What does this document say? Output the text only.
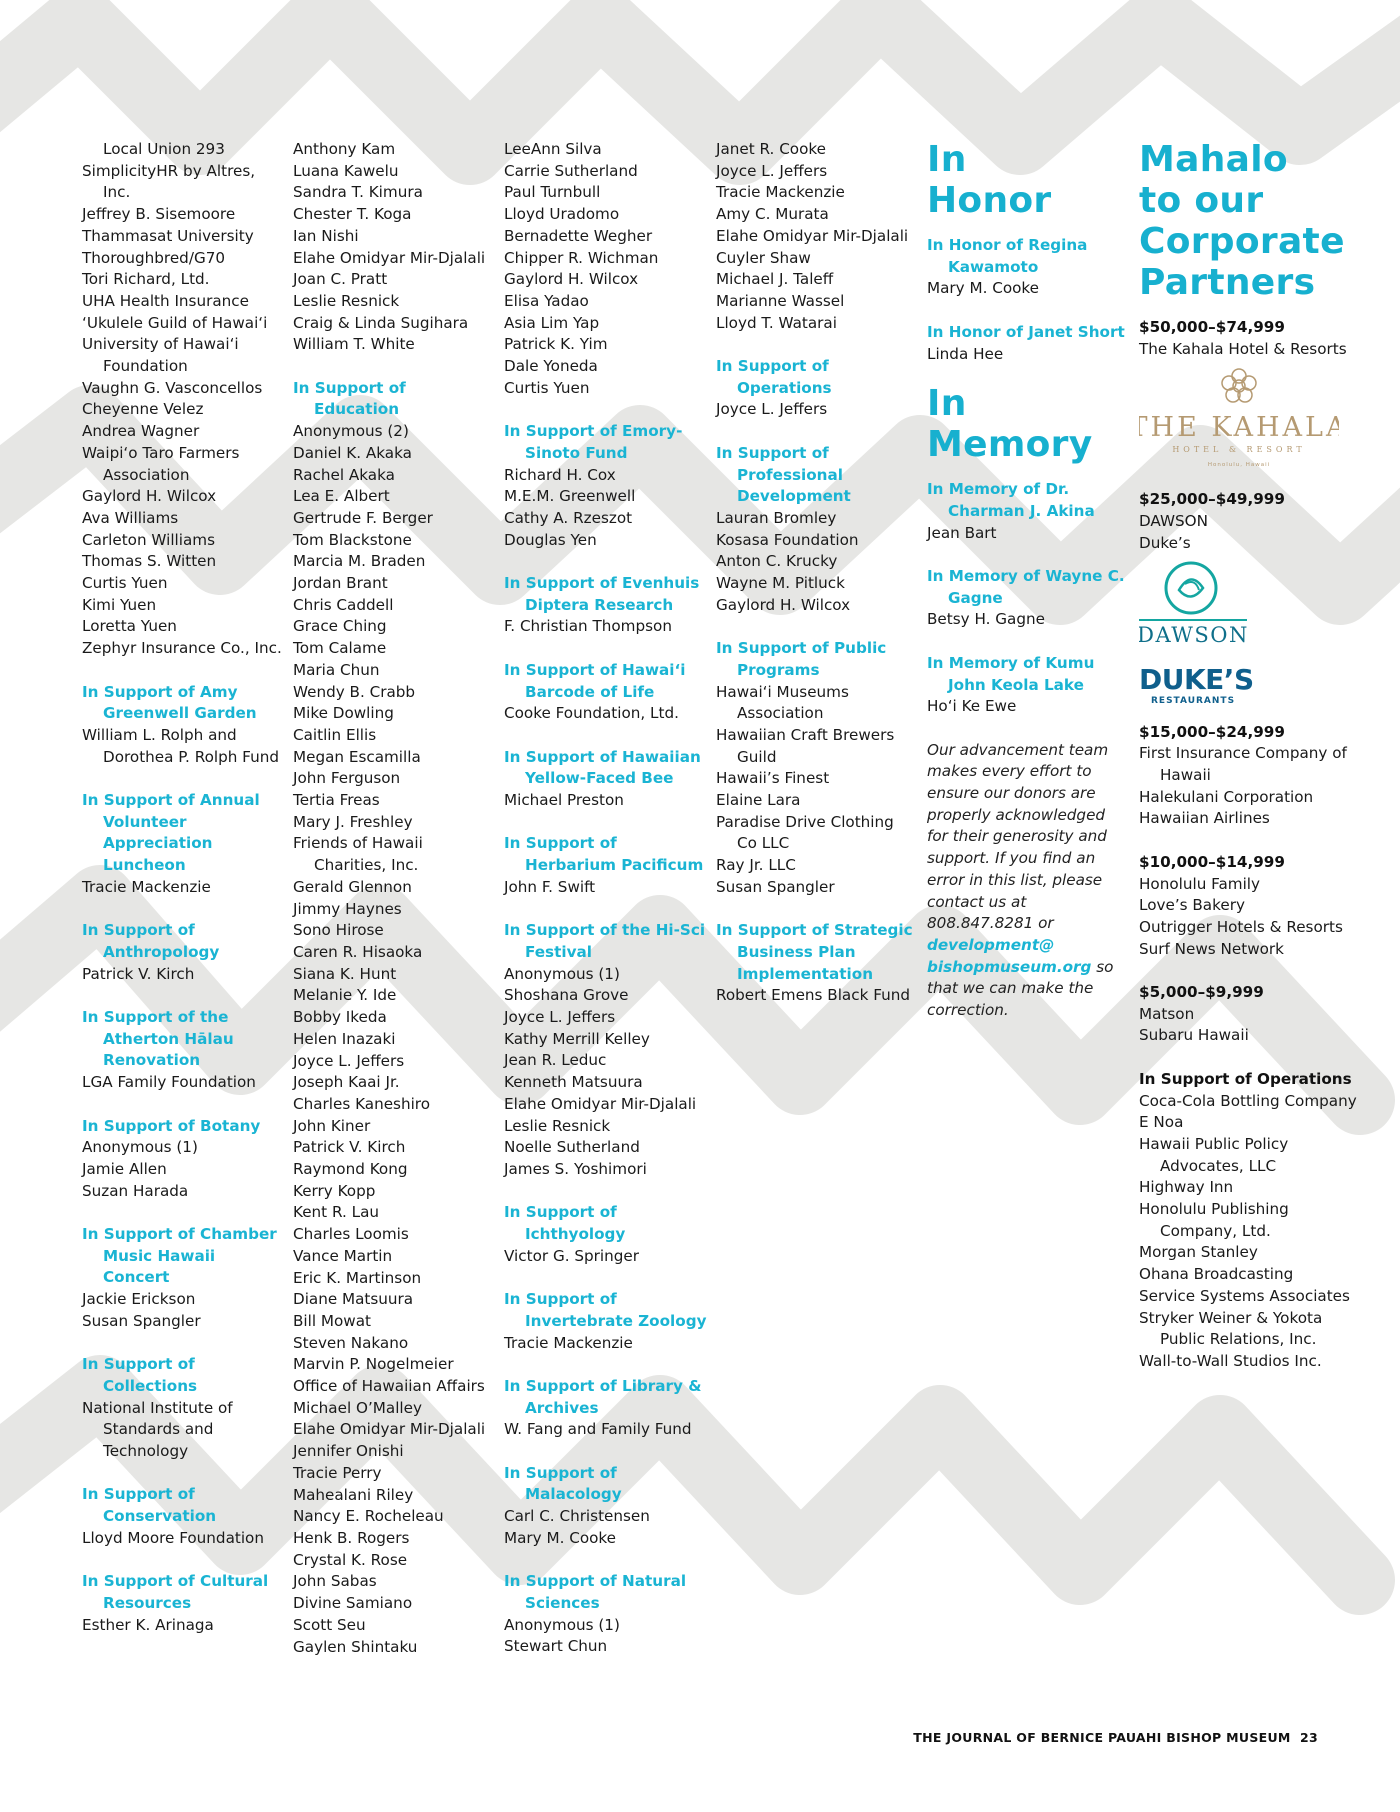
Local Union 293
SimplicityHR by Altres, Inc.
Jeffrey B. Sisemoore
Thammasat University
Thoroughbred/G70
Tori Richard, Ltd.
UHA Health Insurance
‘Ukulele Guild of Hawai‘i
University of Hawai‘i Foundation
Vaughn G. Vasconcellos
Cheyenne Velez
Andrea Wagner
Waipi‘o Taro Farmers Association
Gaylord H. Wilcox
Ava Williams
Carleton Williams
Thomas S. Witten
Curtis Yuen
Kimi Yuen
Loretta Yuen
Zephyr Insurance Co., Inc.
In Support of Amy Greenwell Garden
William L. Rolph and Dorothea P. Rolph Fund
In Support of Annual Volunteer Appreciation Luncheon
Tracie Mackenzie
In Support of Anthropology
Patrick V. Kirch
In Support of the Atherton Hālau Renovation
LGA Family Foundation
In Support of Botany
Anonymous (1)
Jamie Allen
Suzan Harada
In Support of Chamber Music Hawaii Concert
Jackie Erickson
Susan Spangler
In Support of Collections
National Institute of Standards and Technology
In Support of Conservation
Lloyd Moore Foundation
In Support of Cultural Resources
Esther K. Arinaga
Anthony Kam
Luana Kawelu
Sandra T. Kimura
Chester T. Koga
Ian Nishi
Elahe Omidyar Mir-Djalali
Joan C. Pratt
Leslie Resnick
Craig & Linda Sugihara
William T. White
In Support of Education
Anonymous (2)
Daniel K. Akaka
Rachel Akaka
Lea E. Albert
Gertrude F. Berger
Tom Blackstone
Marcia M. Braden
Jordan Brant
Chris Caddell
Grace Ching
Tom Calame
Maria Chun
Wendy B. Crabb
Mike Dowling
Caitlin Ellis
Megan Escamilla
John Ferguson
Tertia Freas
Mary J. Freshley
Friends of Hawaii Charities, Inc.
Gerald Glennon
Jimmy Haynes
Sono Hirose
Caren R. Hisaoka
Siana K. Hunt
Melanie Y. Ide
Bobby Ikeda
Helen Inazaki
Joyce L. Jeffers
Joseph Kaai Jr.
Charles Kaneshiro
John Kiner
Patrick V. Kirch
Raymond Kong
Kerry Kopp
Kent R. Lau
Charles Loomis
Vance Martin
Eric K. Martinson
Diane Matsuura
Bill Mowat
Steven Nakano
Marvin P. Nogelmeier
Office of Hawaiian Affairs
Michael O’Malley
Elahe Omidyar Mir-Djalali
Jennifer Onishi
Tracie Perry
Mahealani Riley
Nancy E. Rocheleau
Henk B. Rogers
Crystal K. Rose
John Sabas
Divine Samiano
Scott Seu
Gaylen Shintaku
LeeAnn Silva
Carrie Sutherland
Paul Turnbull
Lloyd Uradomo
Bernadette Wegher
Chipper R. Wichman
Gaylord H. Wilcox
Elisa Yadao
Asia Lim Yap
Patrick K. Yim
Dale Yoneda
Curtis Yuen
In Support of Emory-Sinoto Fund
Richard H. Cox
M.E.M. Greenwell
Cathy A. Rzeszot
Douglas Yen
In Support of Evenhuis Diptera Research
F. Christian Thompson
In Support of Hawai‘i Barcode of Life
Cooke Foundation, Ltd.
In Support of Hawaiian Yellow-Faced Bee
Michael Preston
In Support of Herbarium Pacificum
John F. Swift
In Support of the Hi-Sci Festival
Anonymous (1)
Shoshana Grove
Joyce L. Jeffers
Kathy Merrill Kelley
Jean R. Leduc
Kenneth Matsuura
Elahe Omidyar Mir-Djalali
Leslie Resnick
Noelle Sutherland
James S. Yoshimori
In Support of Ichthyology
Victor G. Springer
In Support of Invertebrate Zoology
Tracie Mackenzie
In Support of Library & Archives
W. Fang and Family Fund
In Support of Malacology
Carl C. Christensen
Mary M. Cooke
In Support of Natural Sciences
Anonymous (1)
Stewart Chun
Janet R. Cooke
Joyce L. Jeffers
Tracie Mackenzie
Amy C. Murata
Elahe Omidyar Mir-Djalali
Cuyler Shaw
Michael J. Taleff
Marianne Wassel
Lloyd T. Watarai
In Support of Operations
Joyce L. Jeffers
In Support of Professional Development
Lauran Bromley
Kosasa Foundation
Anton C. Krucky
Wayne M. Pitluck
Gaylord H. Wilcox
In Support of Public Programs
Hawai‘i Museums Association
Hawaiian Craft Brewers Guild
Hawaii’s Finest
Elaine Lara
Paradise Drive Clothing Co LLC
Ray Jr. LLC
Susan Spangler
In Support of Strategic Business Plan Implementation
Robert Emens Black Fund
In Honor
In Honor of Regina Kawamoto
Mary M. Cooke
In Honor of Janet Short
Linda Hee
In Memory
In Memory of Dr. Charman J. Akina
Jean Bart
In Memory of Wayne C. Gagne
Betsy H. Gagne
In Memory of Kumu John Keola Lake
Ho‘i Ke Ewe
Our advancement team makes every effort to ensure our donors are properly acknowledged for their generosity and support. If you find an error in this list, please contact us at 808.847.8281 or development@ bishopmuseum.org so that we can make the correction.
Mahalo to our Corporate Partners
$50,000–$74,999
The Kahala Hotel & Resorts
THE KAHALA
HOTEL & RESORT
Honolulu, Hawaii
$25,000–$49,999
DAWSON
Duke’s
DAWSON
DUKE’S
RESTAURANTS
$15,000–$24,999
First Insurance Company of Hawaii
Halekulani Corporation
Hawaiian Airlines
$10,000–$14,999
Honolulu Family
Love’s Bakery
Outrigger Hotels & Resorts
Surf News Network
$5,000–$9,999
Matson
Subaru Hawaii
In Support of Operations
Coca-Cola Bottling Company
E Noa
Hawaii Public Policy Advocates, LLC
Highway Inn
Honolulu Publishing Company, Ltd.
Morgan Stanley
Ohana Broadcasting
Service Systems Associates
Stryker Weiner & Yokota Public Relations, Inc.
Wall-to-Wall Studios Inc.
THE JOURNAL OF BERNICE PAUAHI BISHOP MUSEUM 23
